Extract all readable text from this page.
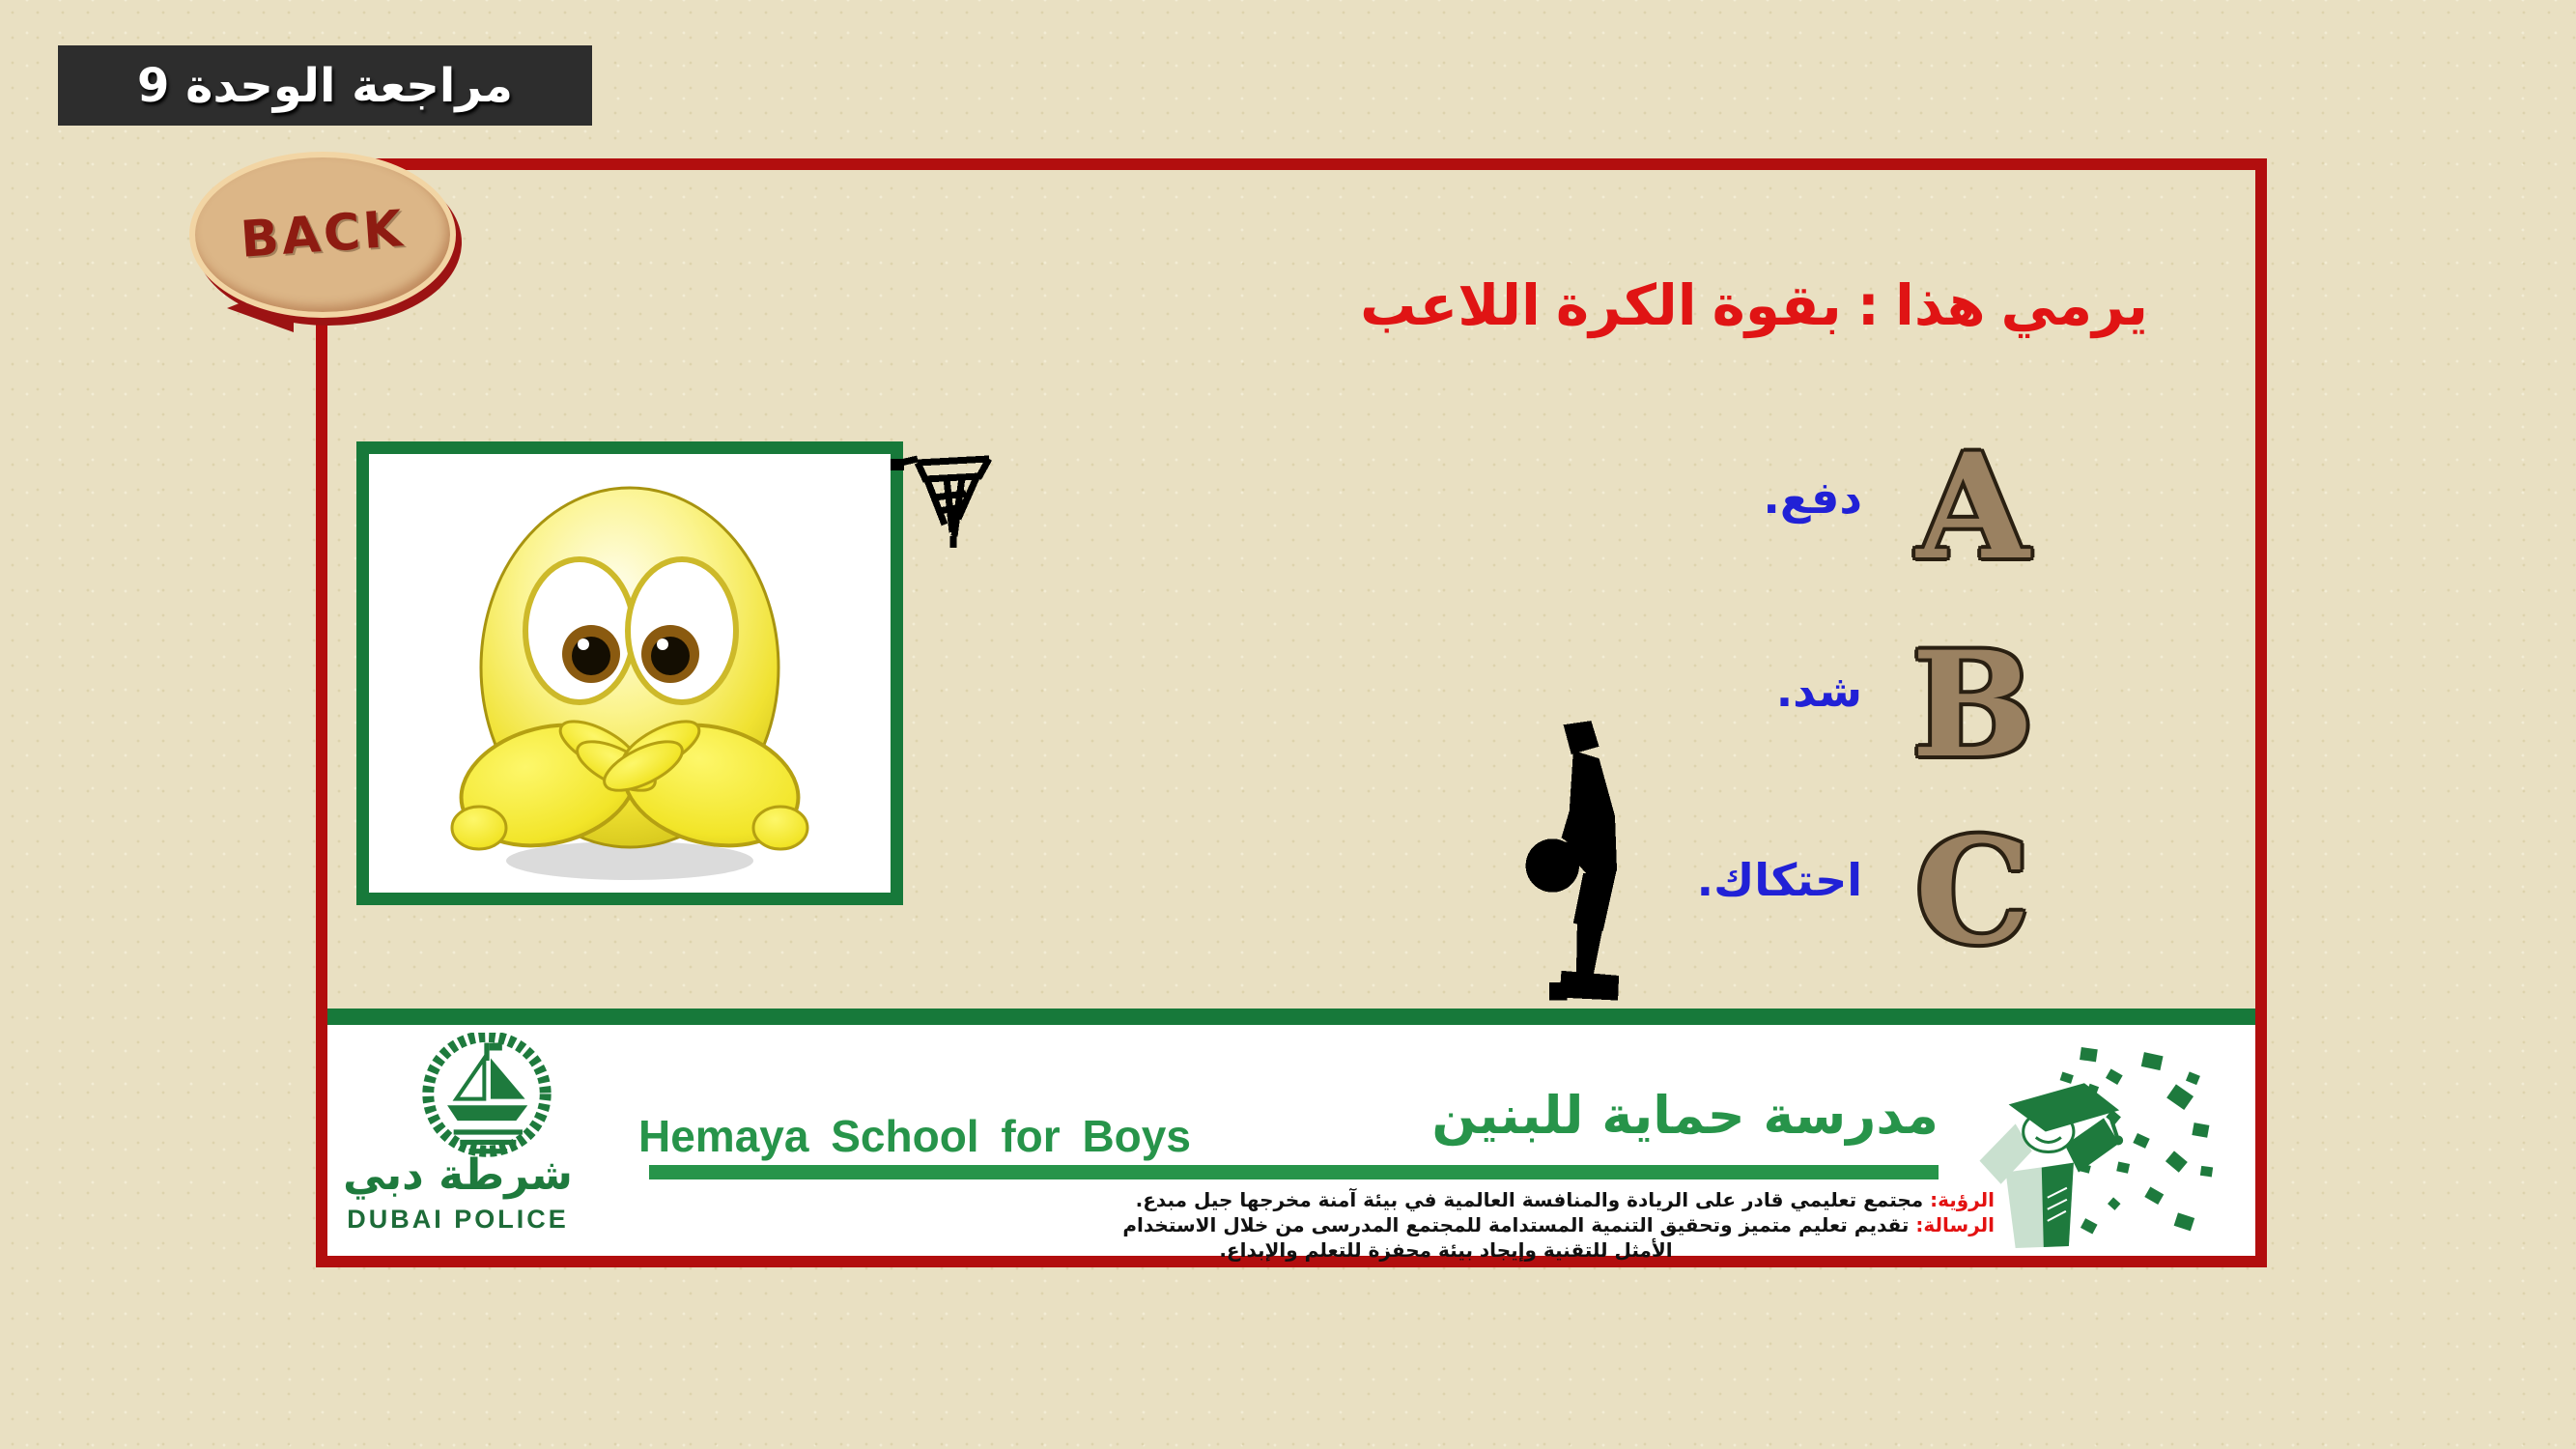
مراجعة الوحدة 9
BACK
اللاعب الكرة بقوة : هذا يرمي
دفع.
شد.
احتكاك.
A
B
C
شرطة دبي
DUBAI POLICE
Hemaya School for Boys	مدرسة حماية للبنين
الرؤية: مجتمع تعليمي قادر على الريادة والمنافسة العالمية في بيئة آمنة مخرجها جيل مبدع.
الرسالة: تقديم تعليم متميز وتحقيق التنمية المستدامة للمجتمع المدرسى من خلال الاستخدام
الأمثل للتقنية وإيجاد بيئة محفزة للتعلم والإبداع.
